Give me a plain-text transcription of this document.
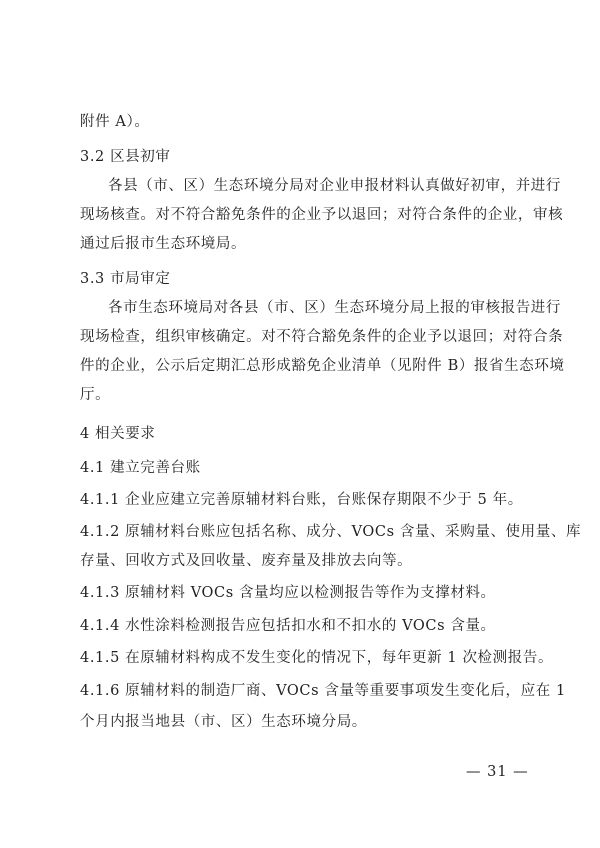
附件 A）。
3.2 区县初审
各县（市、区）生态环境分局对企业申报材料认真做好初审，并进行
现场核查。对不符合豁免条件的企业予以退回；对符合条件的企业，审核
通过后报市生态环境局。
3.3 市局审定
各市生态环境局对各县（市、区）生态环境分局上报的审核报告进行
现场检查，组织审核确定。对不符合豁免条件的企业予以退回；对符合条
件的企业，公示后定期汇总形成豁免企业清单（见附件 B）报省生态环境
厅。
4 相关要求
4.1 建立完善台账
4.1.1 企业应建立完善原辅材料台账，台账保存期限不少于 5 年。
4.1.2 原辅材料台账应包括名称、成分、VOCs 含量、采购量、使用量、库
存量、回收方式及回收量、废弃量及排放去向等。
4.1.3 原辅材料 VOCs 含量均应以检测报告等作为支撑材料。
4.1.4 水性涂料检测报告应包括扣水和不扣水的 VOCs 含量。
4.1.5 在原辅材料构成不发生变化的情况下，每年更新 1 次检测报告。
4.1.6 原辅材料的制造厂商、VOCs 含量等重要事项发生变化后，应在 1
个月内报当地县（市、区）生态环境分局。
— 31 —
